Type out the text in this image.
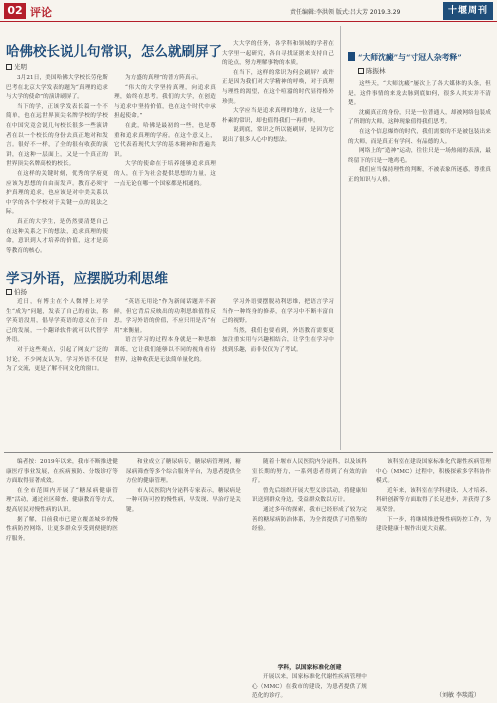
02 评论	责任编辑:李洪领 版式:吕大芳 2019.3.29	十堰周刊
哈佛校长说儿句常识，怎么就刷屏了
光明

3月21日，美国哈佛大学校长劳伦斯巴考在北京大学发表的题为“真理的追求与大学的使命”的演讲刷屏了。

当下的学，正该学发表长篇一个不简单，也在远世界顶尖名牌学校的学校在中国究竟会说几句校长很多一些演讲者在以一个校长的身份去真正地对和发言。很好不一样，了全的很有收获的演讲，在这种一层面上，又是一个真正的世界顶尖名牌高校的校长。

在这样的关键时刻，优秀的学府更应该为思想的自由而发声。教育必须守护真理的追求，也应该是对中美关系以中学的各个学校对于关键一点的说法之际。

真正的大学生，是仍然要清楚自己在这种关系之下的想法，追求真理的使命，意识到人才培养的价值，这才是高等教育的核心。

为方盛的真理”的普方阵真示。

“伟大的大学坚持真理，向追求真理，始终在思考。我们的大学，在创造与追求中坚持价值，也在这个时代中承担起使命。”

在此，哈佛是最初的一些，也是尊重和追求真理的学府。在这个意义上，它代表着现代大学的基本精神和普遍共识。

大学的使命在于培养能够追求真理的人，在于为社会提供思想的力量，这一点无论在哪一个国家都是相通的。

大大学的任务，各学科和领域的学者在大学里一起研究，各自寻找证据来支持自己的论点，努力理解事物的本质。

在当下，这样的常识为何会刷屏？或许正是因为我们对大学精神的呼唤，对于真理与理性的渴望，在这个喧嚣的时代显得格外珍贵。

大学应当是追求真理的地方，这是一个朴素的常识，却也值得我们一再重申。

说到底，常识之所以能刷屏，是因为它说出了很多人心中的想法。

学习外语，应摆脱功利思维
伯扬

近日，有博主在个人微博上对学生“成为”问题，发表了自己的看法，称学英语没用，倡导学英语的意义在于自己的发展，一个翻译软件就可以代替学外语。

对于这些观点，引起了网友广泛的讨论，不少网友认为，学习外语不仅是为了交流，更是了解不同文化的窗口。

“英语无用论”作为新闻话题并不新鲜，但它背后反映出的功利思维值得反思。学习外语的价值，不应只用是否“有用”来衡量。

语言学习的过程本身就是一种思维训练，它让我们能够以不同的视角看待世界，这种收获是无法简单量化的。

学习外语要摆脱功利思维，把语言学习当作一种终身的修养，在学习中不断丰富自己的视野。

当然，我们也要看到，外语教育需要更加注重实用与兴趣相结合，让学生在学习中找到乐趣，而非仅仅为了考试。

“大师沈癜”与“寸冠人杂考释”
陈振林

这些天，“大师沈癜”屡次上了各大媒体的头条，但是，这件事情的来龙去脉到底如何，很多人其实并不清楚。

沈癜真正的身份，只是一位普通人，却被网络包装成了所谓的大师，这种现象值得我们思考。

在这个信息爆炸的时代，我们需要的不是被包装出来的大师，而是真正有学问、有品德的人。

网络上的“造神”运动，往往只是一场热闹的表演，最终留下的只是一地鸡毛。

我们应当保持理性的判断，不被表象所迷惑，尊重真正的知识与人格。

编者按：2019年以来，我市不断推进健康医疗事业发展，在疾病预防、分级诊疗等方面取得显著成效。

在全市范围内开展了“糖尿病健康管理”活动，通过社区筛查、健康教育等方式，提高居民对慢性病的认识。

据了解，目前我市已建立覆盖城乡的慢性病防控网络，让更多群众享受到便捷的医疗服务。

和业成立了糖尿病专，糖尿病管理网，糖尿病筛查等多个综合服务平台，为患者提供全方位的健康管理。

市人民医院内分泌科专家表示，糖尿病是一种可防可控的慢性病，早发现、早治疗是关键。

学科，以国家标准化创建

开展以来，国家标准化代谢性疾病管理中心（MMC）在我市的建设，为患者提供了规范化的诊疗。

随着十堰市人民医院内分泌科，以及该科室长期的努力，一系列患者得到了有效的治疗。

曾先后组织开展大型义诊活动，将健康知识送到群众身边，受益群众数以万计。

通过多年的探索，我市已经形成了较为完善的糖尿病防治体系，为全省提供了可借鉴的经验。

该科室在建设国家标准化代谢性疾病管理中心（MMC）过程中，积极探索多学科协作模式。

近年来，该科室在学科建设、人才培养、科研创新等方面取得了长足进步，并获得了多项荣誉。

下一步，将继续推进慢性病防控工作，为建设健康十堰作出更大贡献。

（刘敏 李琰霞）
